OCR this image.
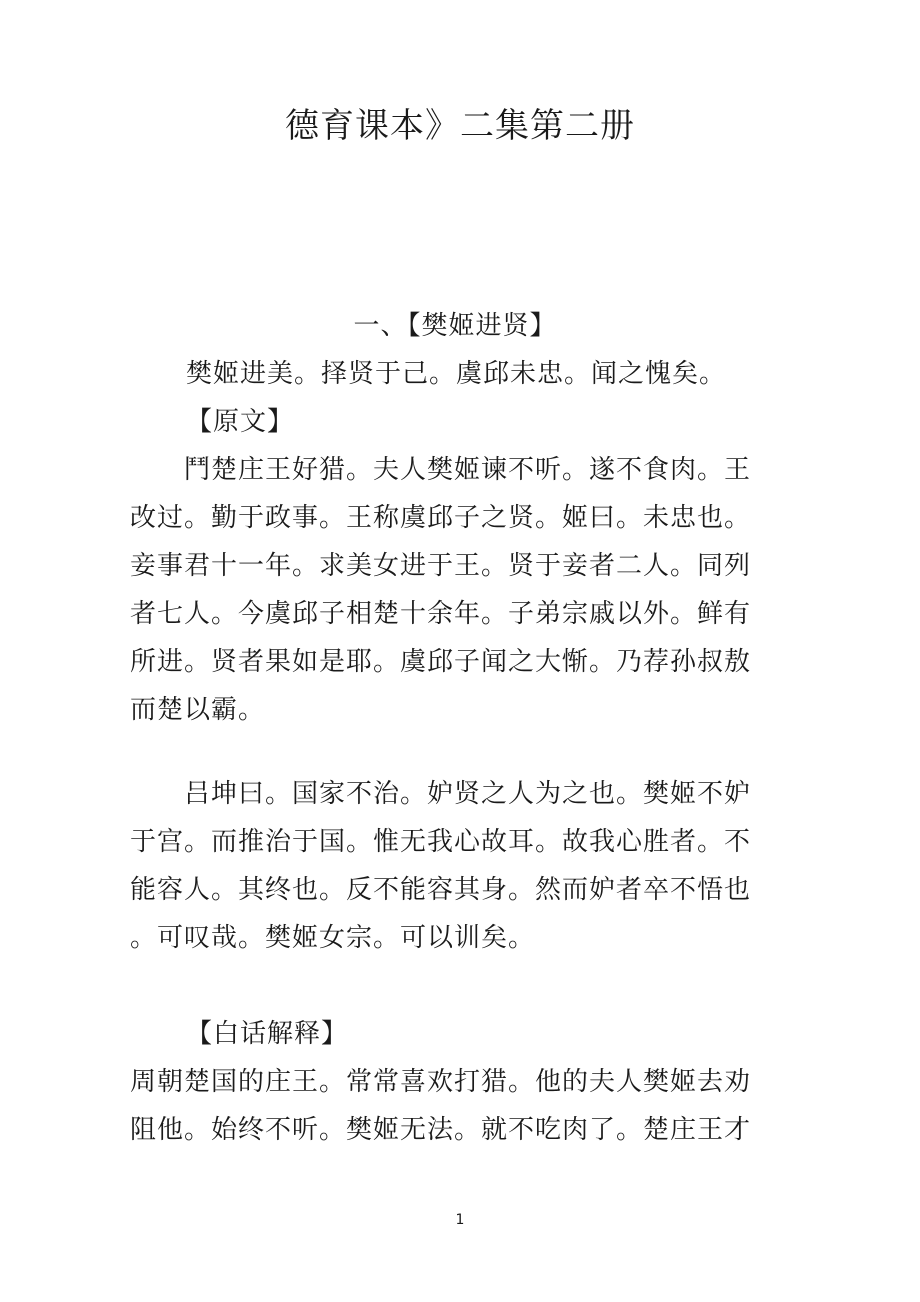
德育课本》二集第二册
一、【樊姬进贤】
樊姬进美。择贤于己。虞邱未忠。闻之愧矣。
【原文】
　　鬥楚庄王好猎。夫人樊姬谏不听。遂不食肉。王
改过。勤于政事。王称虞邱子之贤。姬曰。未忠也。
妾事君十一年。求美女进于王。贤于妾者二人。同列
者七人。今虞邱子相楚十余年。子弟宗戚以外。鲜有
所进。贤者果如是耶。虞邱子闻之大惭。乃荐孙叔敖
而楚以霸。
　　吕坤曰。国家不治。妒贤之人为之也。樊姬不妒
于宫。而推治于国。惟无我心故耳。故我心胜者。不
能容人。其终也。反不能容其身。然而妒者卒不悟也
。可叹哉。樊姬女宗。可以训矣。
【白话解释】
周朝楚国的庄王。常常喜欢打猎。他的夫人樊姬去劝
阻他。始终不听。樊姬无法。就不吃肉了。楚庄王才
1
